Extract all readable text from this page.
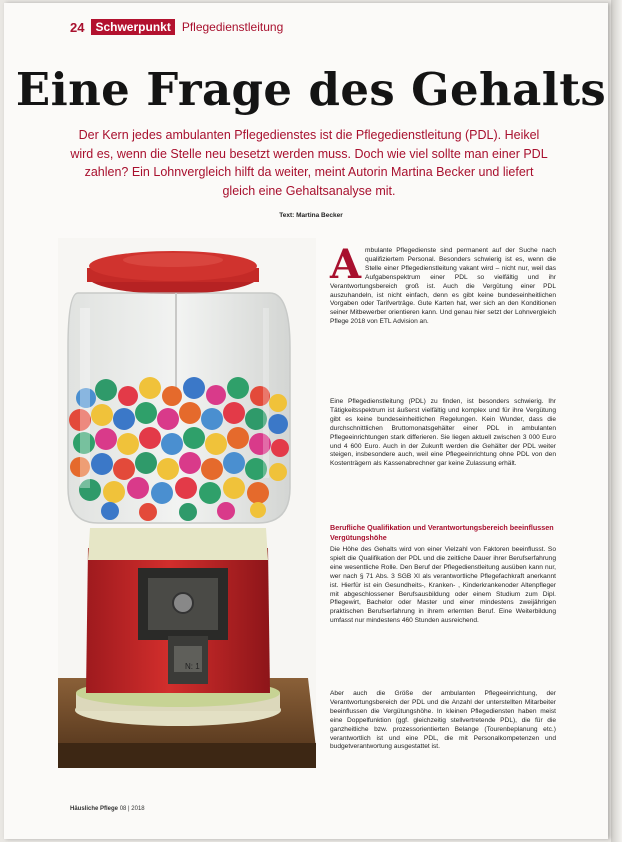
24 Schwerpunkt Pflegedienstleitung
Eine Frage des Gehalts
Der Kern jedes ambulanten Pflegedienstes ist die Pflegedienstleitung (PDL). Heikel wird es, wenn die Stelle neu besetzt werden muss. Doch wie viel sollte man einer PDL zahlen? Ein Lohnvergleich hilft da weiter, meint Autorin Martina Becker und liefert gleich eine Gehaltsanalyse mit.
Text: Martina Becker
N: 1

Ambulante Pflegedienste sind permanent auf der Suche nach qualifiziertem Personal. Besonders schwierig ist es, wenn die Stelle einer Pflegedienstleitung vakant wird – nicht nur, weil das Aufgabenspektrum einer PDL so vielfältig und ihr Verantwortungsbereich groß ist. Auch die Vergütung einer PDL auszuhandeln, ist nicht einfach, denn es gibt keine bundeseinheitlichen Vorgaben oder Tarifverträge. Gute Karten hat, wer sich an den Konditionen seiner Mitbewerber orientieren kann. Und genau hier setzt der Lohnvergleich Pflege 2018 von ETL Advision an.

Eine Pflegedienstleitung (PDL) zu finden, ist besonders schwierig. Ihr Tätigkeitsspektrum ist äußerst vielfältig und komplex und für ihre Vergütung gibt es keine bundeseinheitlichen Regelungen. Kein Wunder, dass die durchschnittlichen Bruttomonatsgehälter einer PDL in ambulanten Pflegeeinrichtungen stark differieren. Sie liegen aktuell zwischen 3 000 Euro und 4 600 Euro. Auch in der Zukunft werden die Gehälter der PDL weiter steigen, insbesondere auch, weil eine Pflegeeinrichtung ohne PDL von den Kostenträgern als Kassenabrechner gar keine Zulassung erhält.

Berufliche Qualifikation und Verantwortungsbereich beeinflussen Vergütungshöhe

Die Höhe des Gehalts wird von einer Vielzahl von Faktoren beeinflusst. So spielt die Qualifikation der PDL und die zeitliche Dauer ihrer Berufserfahrung eine wesentliche Rolle. Den Beruf der Pflegedienstleitung ausüben kann nur, wer nach § 71 Abs. 3 SGB XI als verantwortliche Pflegefachkraft anerkannt ist. Hierfür ist ein Gesundheits-, Kranken- , Kinderkrankenoder Altenpfleger mit abgeschlossener Berufsausbildung oder einem Studium zum Dipl. Pflegewirt, Bachelor oder Master und einer mindestens zweijährigen praktischen Berufserfahrung in ihrem erlernten Beruf. Eine Weiterbildung umfasst nur mindestens 460 Stunden ausreichend.

Aber auch die Größe der ambulanten Pflegeeinrichtung, der Verantwortungsbereich der PDL und die Anzahl der unterstellten Mitarbeiter beeinflussen die Vergütungshöhe. In kleinen Pflegediensten haben meist eine Doppelfunktion (ggf. gleichzeitig stellvertretende PDL), die für die ganzheitliche bzw. prozessorientierten Belange (Tourenbeplanung etc.) verantwortlich ist und eine PDL, die mit Personalkompetenzen und budgetverantwortung ausgestattet ist.

Häusliche Pflege 08 | 2018
